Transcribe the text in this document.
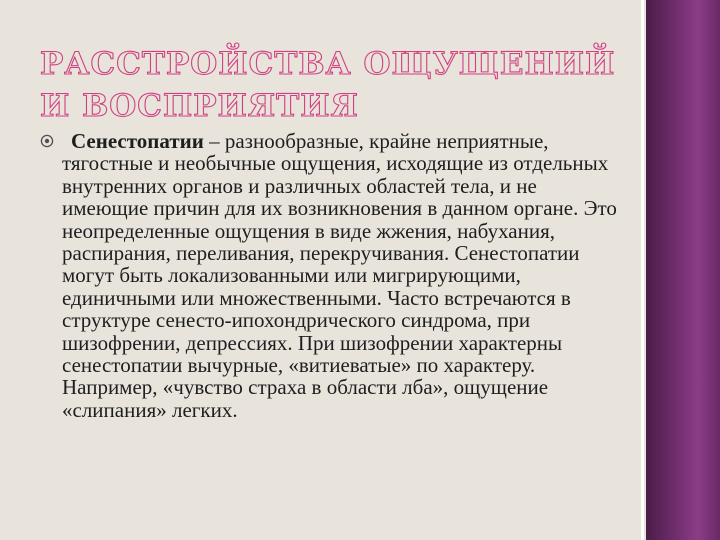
РАССТРОЙСТВА ОЩУЩЕНИЙ И ВОСПРИЯТИЯ

Сенестопатии – разнообразные, крайне неприятные, тягостные и необычные ощущения, исходящие из отдельных внутренних органов и различных областей тела, и не имеющие причин для их возникновения в данном органе. Это неопределенные ощущения в виде жжения, набухания, распирания, переливания, перекручивания. Сенестопатии могут быть локализованными или мигрирующими, единичными или множественными. Часто встречаются в структуре сенесто-ипохондрического синдрома, при шизофрении, депрессиях. При шизофрении характерны сенестопатии вычурные, «витиеватые» по характеру. Например, «чувство страха в области лба», ощущение «слипания» легких.
